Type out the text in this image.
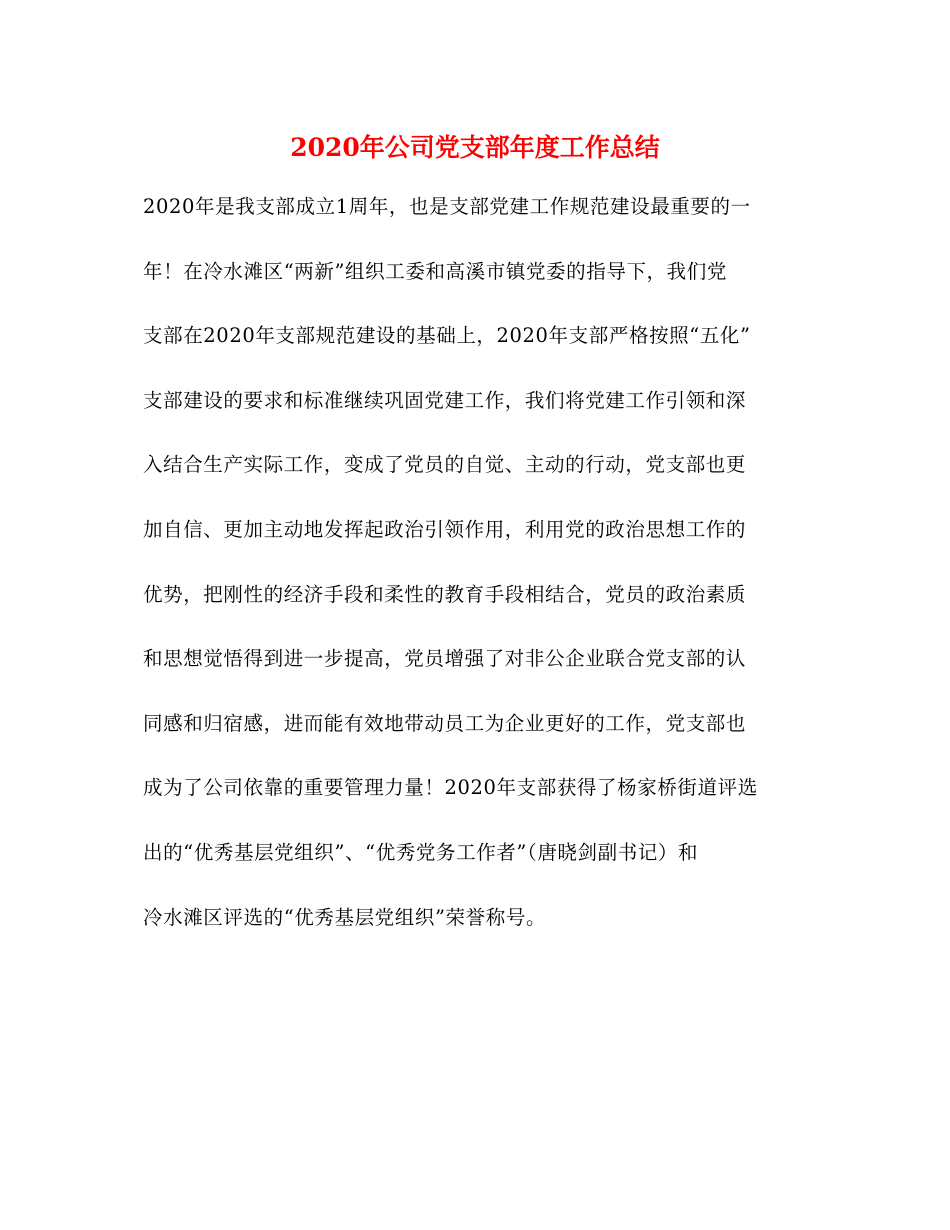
2020年公司党支部年度工作总结
2020年是我支部成立1周年，也是支部党建工作规范建设最重要的一
年！在冷水滩区“两新”组织工委和高溪市镇党委的指导下，我们党
支部在2020年支部规范建设的基础上，2020年支部严格按照“五化”
支部建设的要求和标准继续巩固党建工作，我们将党建工作引领和深
入结合生产实际工作，变成了党员的自觉、主动的行动，党支部也更
加自信、更加主动地发挥起政治引领作用，利用党的政治思想工作的
优势，把刚性的经济手段和柔性的教育手段相结合，党员的政治素质
和思想觉悟得到进一步提高，党员增强了对非公企业联合党支部的认
同感和归宿感，进而能有效地带动员工为企业更好的工作，党支部也
成为了公司依靠的重要管理力量！2020年支部获得了杨家桥街道评选
出的“优秀基层党组织”、“优秀党务工作者”（唐晓剑副书记）和
冷水滩区评选的“优秀基层党组织”荣誉称号。
